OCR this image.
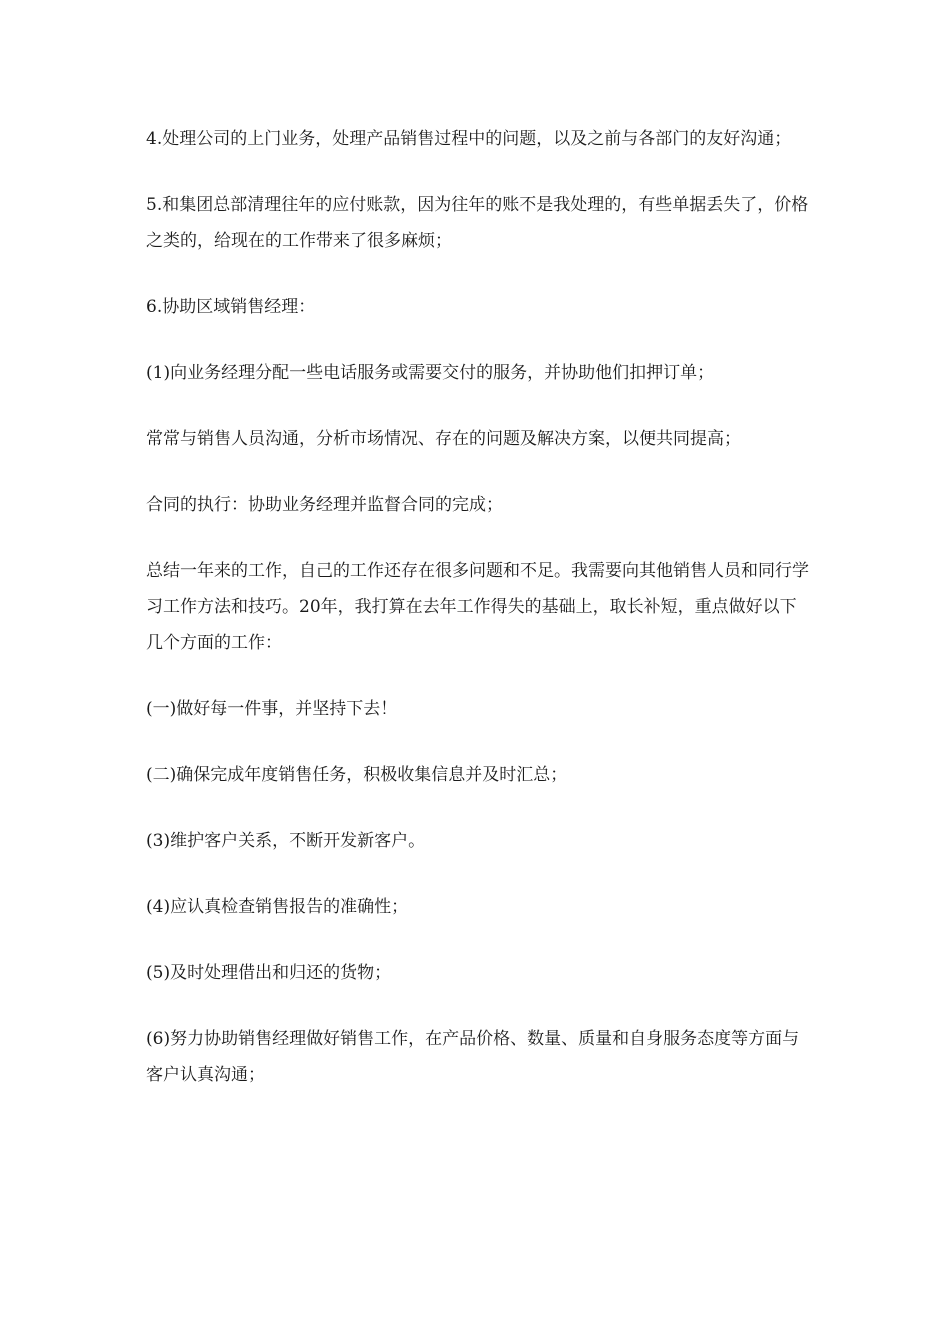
4.处理公司的上门业务，处理产品销售过程中的问题，以及之前与各部门的友好沟通；

5.和集团总部清理往年的应付账款，因为往年的账不是我处理的，有些单据丢失了，价格之类的，给现在的工作带来了很多麻烦；

6.协助区域销售经理：

(1)向业务经理分配一些电话服务或需要交付的服务，并协助他们扣押订单；

常常与销售人员沟通，分析市场情况、存在的问题及解决方案，以便共同提高；

合同的执行：协助业务经理并监督合同的完成；

总结一年来的工作，自己的工作还存在很多问题和不足。我需要向其他销售人员和同行学习工作方法和技巧。20年，我打算在去年工作得失的基础上，取长补短，重点做好以下几个方面的工作：

(一)做好每一件事，并坚持下去！

(二)确保完成年度销售任务，积极收集信息并及时汇总；

(3)维护客户关系，不断开发新客户。

(4)应认真检查销售报告的准确性；

(5)及时处理借出和归还的货物；

(6)努力协助销售经理做好销售工作，在产品价格、数量、质量和自身服务态度等方面与客户认真沟通；
